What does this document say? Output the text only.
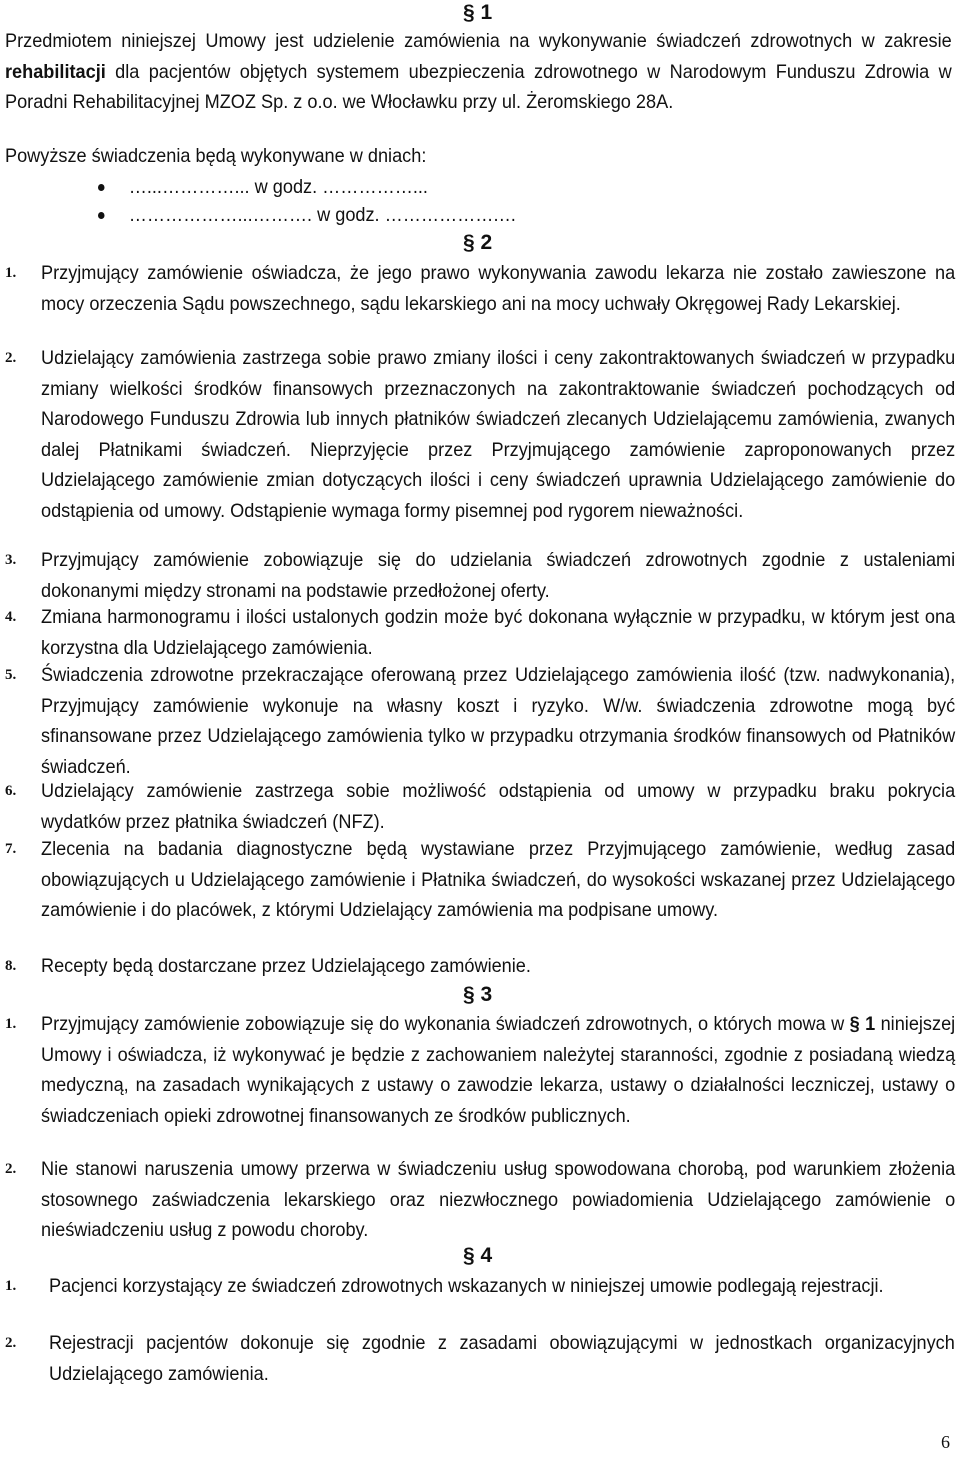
§ 1
Przedmiotem niniejszej Umowy jest udzielenie zamówienia na wykonywanie świadczeń zdrowotnych w zakresie rehabilitacji dla pacjentów objętych systemem ubezpieczenia zdrowotnego w Narodowym Funduszu Zdrowia w Poradni Rehabilitacyjnej MZOZ Sp. z o.o. we Włocławku przy ul. Żeromskiego 28A.
Powyższe świadczenia będą wykonywane w dniach:
…...…………... w godz. ……………...
………………...………. w godz. ……………….…
§ 2
1. Przyjmujący zamówienie oświadcza, że jego prawo wykonywania zawodu lekarza nie zostało zawieszone na mocy orzeczenia Sądu powszechnego, sądu lekarskiego ani na mocy uchwały Okręgowej Rady Lekarskiej.
2. Udzielający zamówienia zastrzega sobie prawo zmiany ilości i ceny zakontraktowanych świadczeń w przypadku zmiany wielkości środków finansowych przeznaczonych na zakontraktowanie świadczeń pochodzących od Narodowego Funduszu Zdrowia lub innych płatników świadczeń zlecanych Udzielającemu zamówienia, zwanych dalej Płatnikami świadczeń. Nieprzyjęcie przez Przyjmującego zamówienie zaproponowanych przez Udzielającego zamówienie zmian dotyczących ilości i ceny świadczeń uprawnia Udzielającego zamówienie do odstąpienia od umowy. Odstąpienie wymaga formy pisemnej pod rygorem nieważności.
3. Przyjmujący zamówienie zobowiązuje się do udzielania świadczeń zdrowotnych zgodnie z ustaleniami dokonanymi między stronami na podstawie przedłożonej oferty.
4. Zmiana harmonogramu i ilości ustalonych godzin może być dokonana wyłącznie w przypadku, w którym jest ona korzystna dla Udzielającego zamówienia.
5. Świadczenia zdrowotne przekraczające oferowaną przez Udzielającego zamówienia ilość (tzw. nadwykonania), Przyjmujący zamówienie wykonuje na własny koszt i ryzyko. W/w. świadczenia zdrowotne mogą być sfinansowane przez Udzielającego zamówienia tylko w przypadku otrzymania środków finansowych od Płatników świadczeń.
6. Udzielający zamówienie zastrzega sobie możliwość odstąpienia od umowy w przypadku braku pokrycia wydatków przez płatnika świadczeń (NFZ).
7. Zlecenia na badania diagnostyczne będą wystawiane przez Przyjmującego zamówienie, według zasad obowiązujących u Udzielającego zamówienie i Płatnika świadczeń, do wysokości wskazanej przez Udzielającego zamówienie i do placówek, z którymi Udzielający zamówienia ma podpisane umowy.
8. Recepty będą dostarczane przez Udzielającego zamówienie.
§ 3
1. Przyjmujący zamówienie zobowiązuje się do wykonania świadczeń zdrowotnych, o których mowa w § 1 niniejszej Umowy i oświadcza, iż wykonywać je będzie z zachowaniem należytej staranności, zgodnie z posiadaną wiedzą medyczną, na zasadach wynikających z ustawy o zawodzie lekarza, ustawy o działalności leczniczej, ustawy o świadczeniach opieki zdrowotnej finansowanych ze środków publicznych.
2. Nie stanowi naruszenia umowy przerwa w świadczeniu usług spowodowana chorobą, pod warunkiem złożenia stosownego zaświadczenia lekarskiego oraz niezwłocznego powiadomienia Udzielającego zamówienie o nieświadczeniu usług z powodu choroby.
§ 4
1. Pacjenci korzystający ze świadczeń zdrowotnych wskazanych w niniejszej umowie podlegają rejestracji.
2. Rejestracji pacjentów dokonuje się zgodnie z zasadami obowiązującymi w jednostkach organizacyjnych Udzielającego zamówienia.
6
